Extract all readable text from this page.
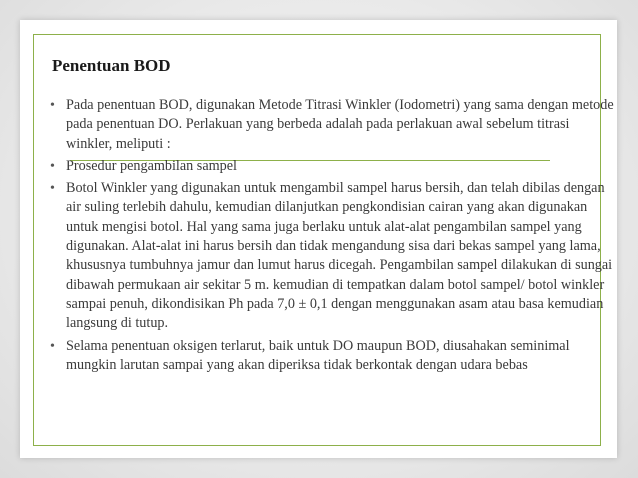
Penentuan BOD
• Pada penentuan BOD, digunakan Metode Titrasi Winkler (Iodometri) yang sama dengan metode pada penentuan DO. Perlakuan yang berbeda adalah pada perlakuan awal sebelum titrasi winkler, meliputi :
• Prosedur pengambilan sampel
• Botol Winkler yang digunakan untuk mengambil sampel harus bersih, dan telah dibilas dengan air suling terlebih dahulu, kemudian dilanjutkan pengkondisian cairan yang akan digunakan untuk mengisi botol. Hal yang sama juga berlaku untuk alat-alat pengambilan sampel yang digunakan. Alat-alat ini harus bersih dan tidak mengandung sisa dari bekas sampel yang lama, khususnya tumbuhnya jamur dan lumut harus dicegah. Pengambilan sampel dilakukan di sungai dibawah permukaan air sekitar 5 m. kemudian di tempatkan dalam botol sampel/ botol winkler sampai penuh, dikondisikan Ph pada 7,0 ± 0,1 dengan menggunakan asam atau basa kemudian langsung di tutup.
• Selama penentuan oksigen terlarut, baik untuk DO maupun BOD, diusahakan seminimal mungkin larutan sampai yang akan diperiksa tidak berkontak dengan udara bebas
